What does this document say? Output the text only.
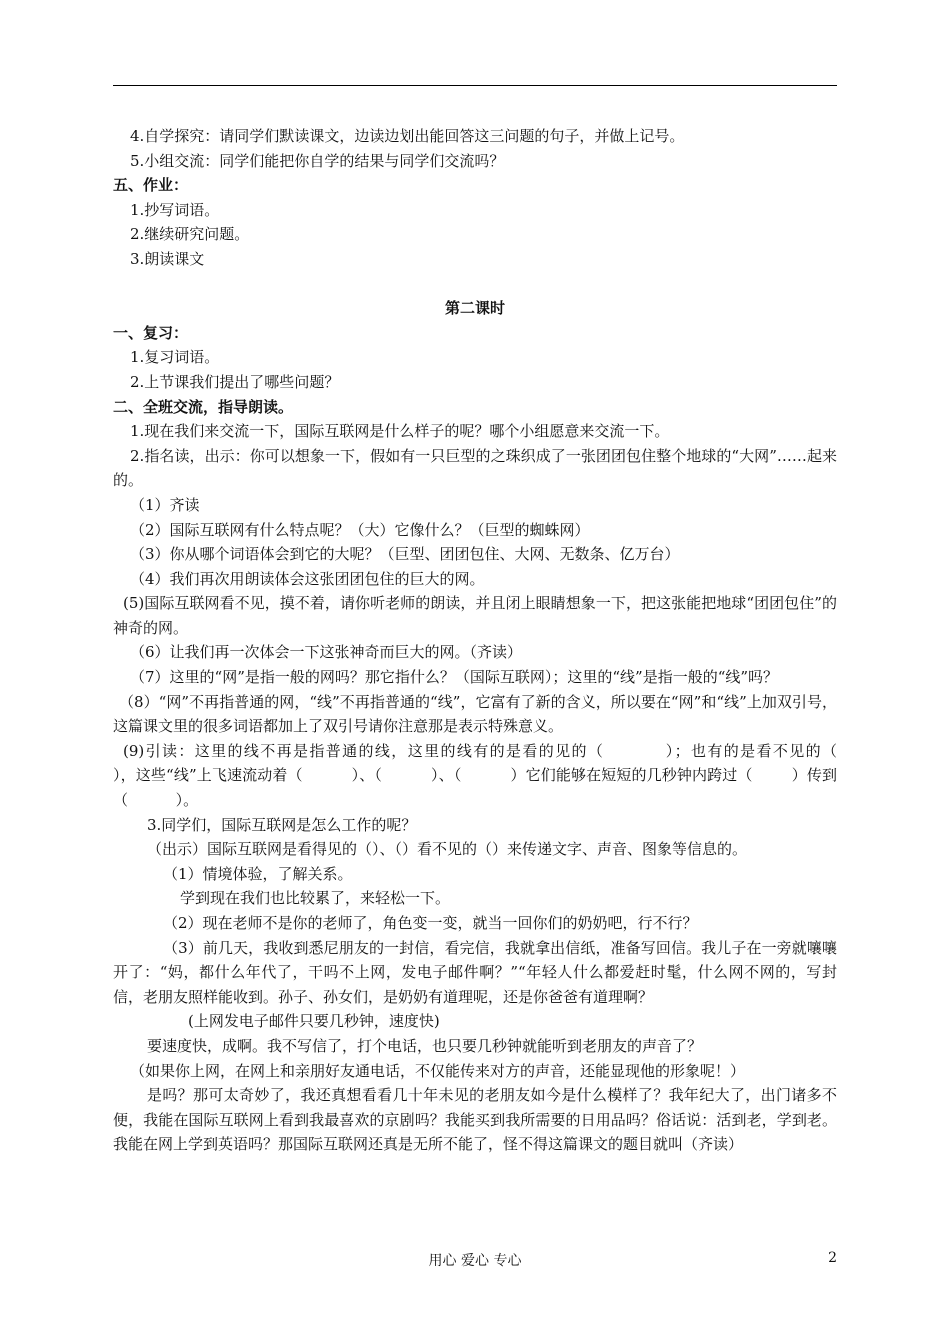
4.自学探究：请同学们默读课文，边读边划出能回答这三问题的句子，并做上记号。

5.小组交流：同学们能把你自学的结果与同学们交流吗？

五、作业：

1.抄写词语。

2.继续研究问题。

3.朗读课文

第二课时

一、复习：

1.复习词语。

2.上节课我们提出了哪些问题？

二、全班交流，指导朗读。

1.现在我们来交流一下，国际互联网是什么样子的呢？哪个小组愿意来交流一下。

2.指名读，出示：你可以想象一下，假如有一只巨型的之珠织成了一张团团包住整个地球的“大网”……起来的。

（1）齐读

（2）国际互联网有什么特点呢？（大）它像什么？（巨型的蜘蛛网）

（3）你从哪个词语体会到它的大呢？（巨型、团团包住、大网、无数条、亿万台）

（4）我们再次用朗读体会这张团团包住的巨大的网。

(5)国际互联网看不见，摸不着，请你听老师的朗读，并且闭上眼睛想象一下，把这张能把地球“团团包住”的神奇的网。

（6）让我们再一次体会一下这张神奇而巨大的网。（齐读）

（7）这里的“网”是指一般的网吗？那它指什么？（国际互联网）；这里的“线”是指一般的“线”吗？

（8）“网”不再指普通的网，“线”不再指普通的“线”，它富有了新的含义，所以要在“网”和“线”上加双引号，这篇课文里的很多词语都加上了双引号请你注意那是表示特殊意义。

(9)引读：这里的线不再是指普通的线，这里的线有的是看的见的（          ）；也有的是看不见的（          ），这些“线”上飞速流动着（          ）、（          ）、（          ）它们能够在短短的几秒钟内跨过（        ）传到（          ）。

3.同学们，国际互联网是怎么工作的呢？

（出示）国际互联网是看得见的（）、（）看不见的（）来传递文字、声音、图象等信息的。

（1）情境体验，了解关系。

学到现在我们也比较累了，来轻松一下。

（2）现在老师不是你的老师了，角色变一变，就当一回你们的奶奶吧，行不行？

（3）前几天，我收到悉尼朋友的一封信，看完信，我就拿出信纸，准备写回信。我儿子在一旁就嚷嚷开了：“妈，都什么年代了，干吗不上网，发电子邮件啊？”“年轻人什么都爱赶时髦，什么网不网的，写封信，老朋友照样能收到。孙子、孙女们，是奶奶有道理呢，还是你爸爸有道理啊？

(上网发电子邮件只要几秒钟，速度快)

要速度快，成啊。我不写信了，打个电话，也只要几秒钟就能听到老朋友的声音了？

（如果你上网，在网上和亲朋好友通电话，不仅能传来对方的声音，还能显现他的形象呢！）

是吗？那可太奇妙了，我还真想看看几十年未见的老朋友如今是什么模样了？我年纪大了，出门诸多不便，我能在国际互联网上看到我最喜欢的京剧吗？我能买到我所需要的日用品吗？俗话说：活到老，学到老。我能在网上学到英语吗？那国际互联网还真是无所不能了，怪不得这篇课文的题目就叫（齐读）

用心 爱心 专心	2
